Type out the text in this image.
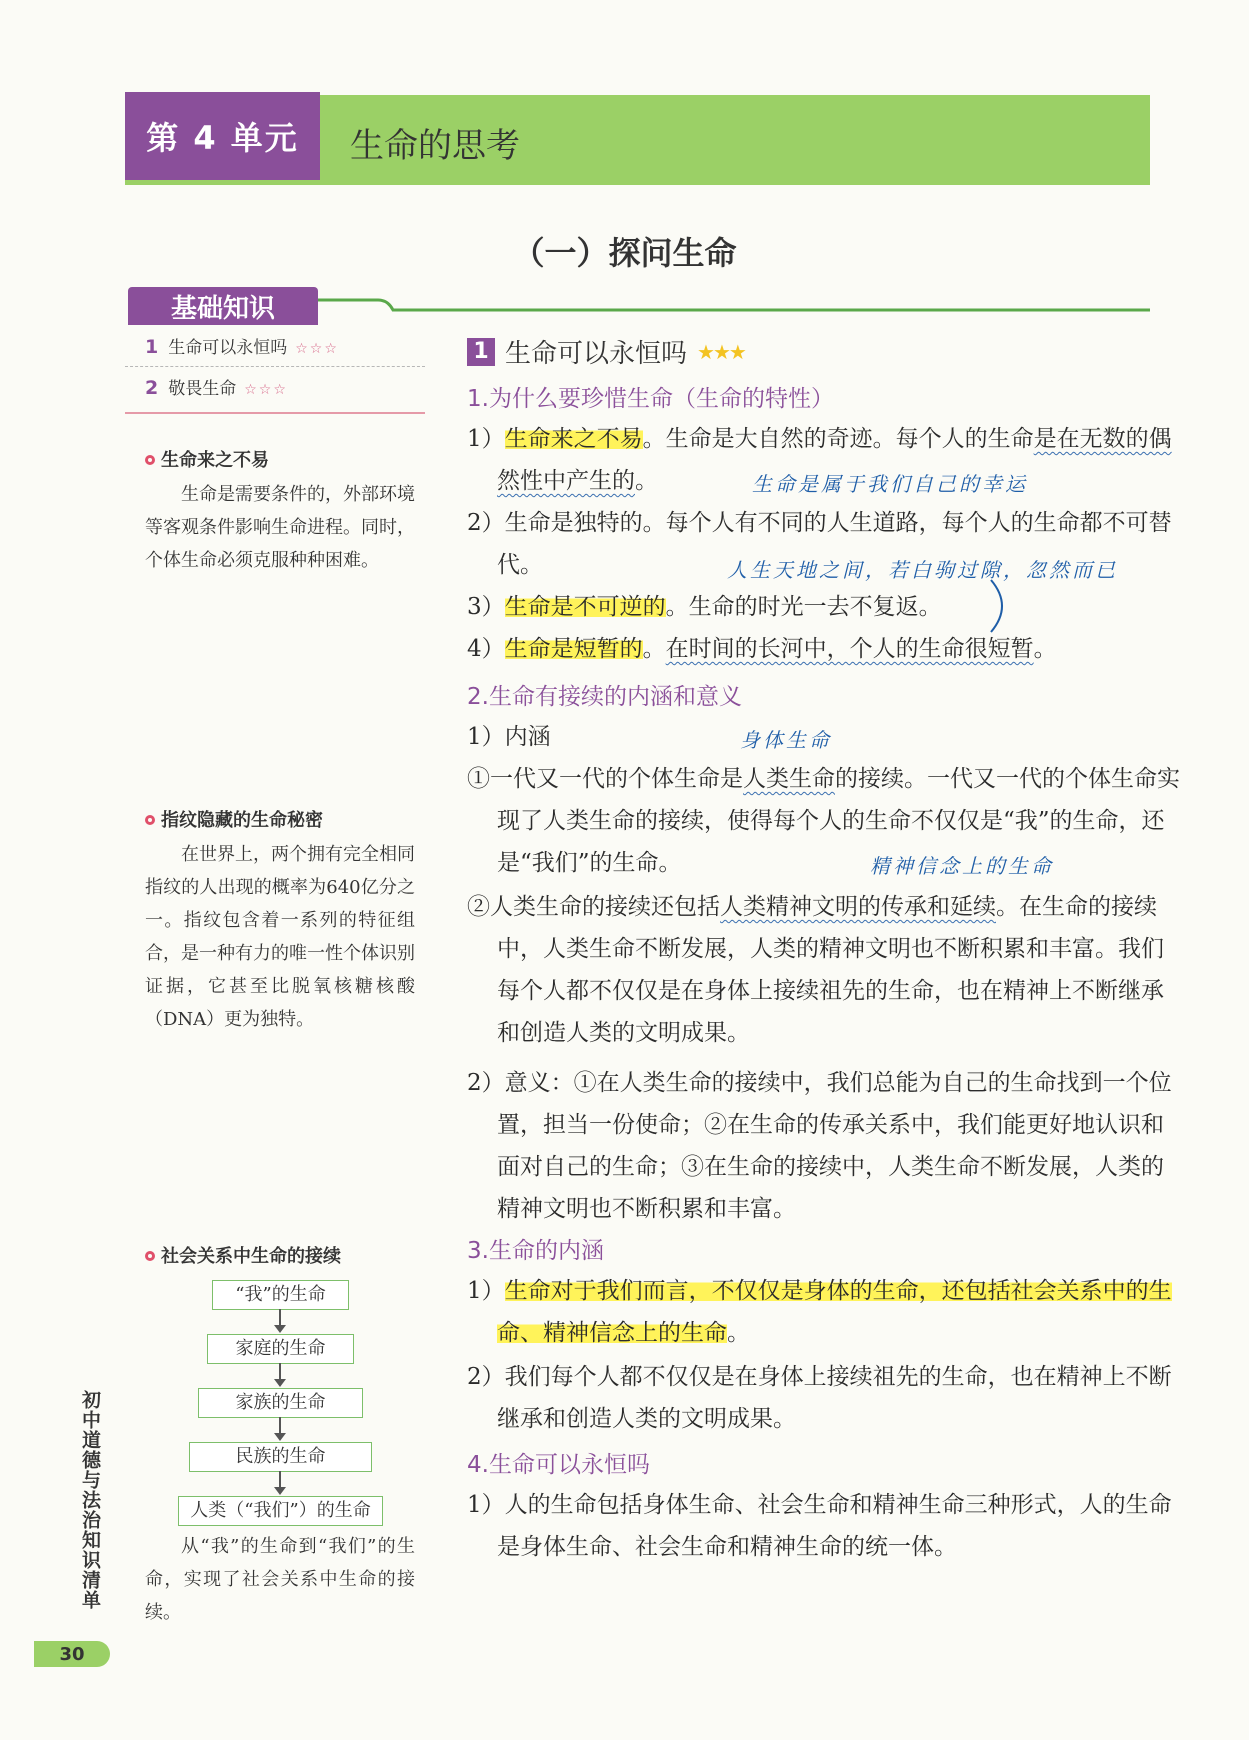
第 4 单元	生命的思考
（一）探问生命
基础知识
1 生命可以永恒吗 ☆☆☆
2 敬畏生命 ☆☆☆
生命来之不易
生命是需要条件的，外部环境等客观条件影响生命进程。同时，个体生命必须克服种种困难。
指纹隐藏的生命秘密
在世界上，两个拥有完全相同指纹的人出现的概率为640亿分之一。指纹包含着一系列的特征组合，是一种有力的唯一性个体识别证据，它甚至比脱氧核糖核酸（DNA）更为独特。
社会关系中生命的接续
“我”的生命
家庭的生命
家族的生命
民族的生命
人类（“我们”）的生命
从“我”的生命到“我们”的生命，实现了社会关系中生命的接续。
初中道德与法治知识清单
30
1 生命可以永恒吗 ★★★
1.为什么要珍惜生命（生命的特性）
1）生命来之不易。生命是大自然的奇迹。每个人的生命是在无数的偶然性中产生的。	生命是属于我们自己的幸运
2）生命是独特的。每个人有不同的人生道路，每个人的生命都不可替代。	人生天地之间，若白驹过隙，忽然而已
3）生命是不可逆的。生命的时光一去不复返。
4）生命是短暂的。在时间的长河中，个人的生命很短暂。
2.生命有接续的内涵和意义
1）内涵	身体生命
①一代又一代的个体生命是人类生命的接续。一代又一代的个体生命实现了人类生命的接续，使得每个人的生命不仅仅是“我”的生命，还是“我们”的生命。	精神信念上的生命
②人类生命的接续还包括人类精神文明的传承和延续。在生命的接续中，人类生命不断发展，人类的精神文明也不断积累和丰富。我们每个人都不仅仅是在身体上接续祖先的生命，也在精神上不断继承和创造人类的文明成果。
2）意义：①在人类生命的接续中，我们总能为自己的生命找到一个位置，担当一份使命；②在生命的传承关系中，我们能更好地认识和面对自己的生命；③在生命的接续中，人类生命不断发展，人类的精神文明也不断积累和丰富。
3.生命的内涵
1）生命对于我们而言，不仅仅是身体的生命，还包括社会关系中的生命、精神信念上的生命。
2）我们每个人都不仅仅是在身体上接续祖先的生命，也在精神上不断继承和创造人类的文明成果。
4.生命可以永恒吗
1）人的生命包括身体生命、社会生命和精神生命三种形式，人的生命是身体生命、社会生命和精神生命的统一体。
